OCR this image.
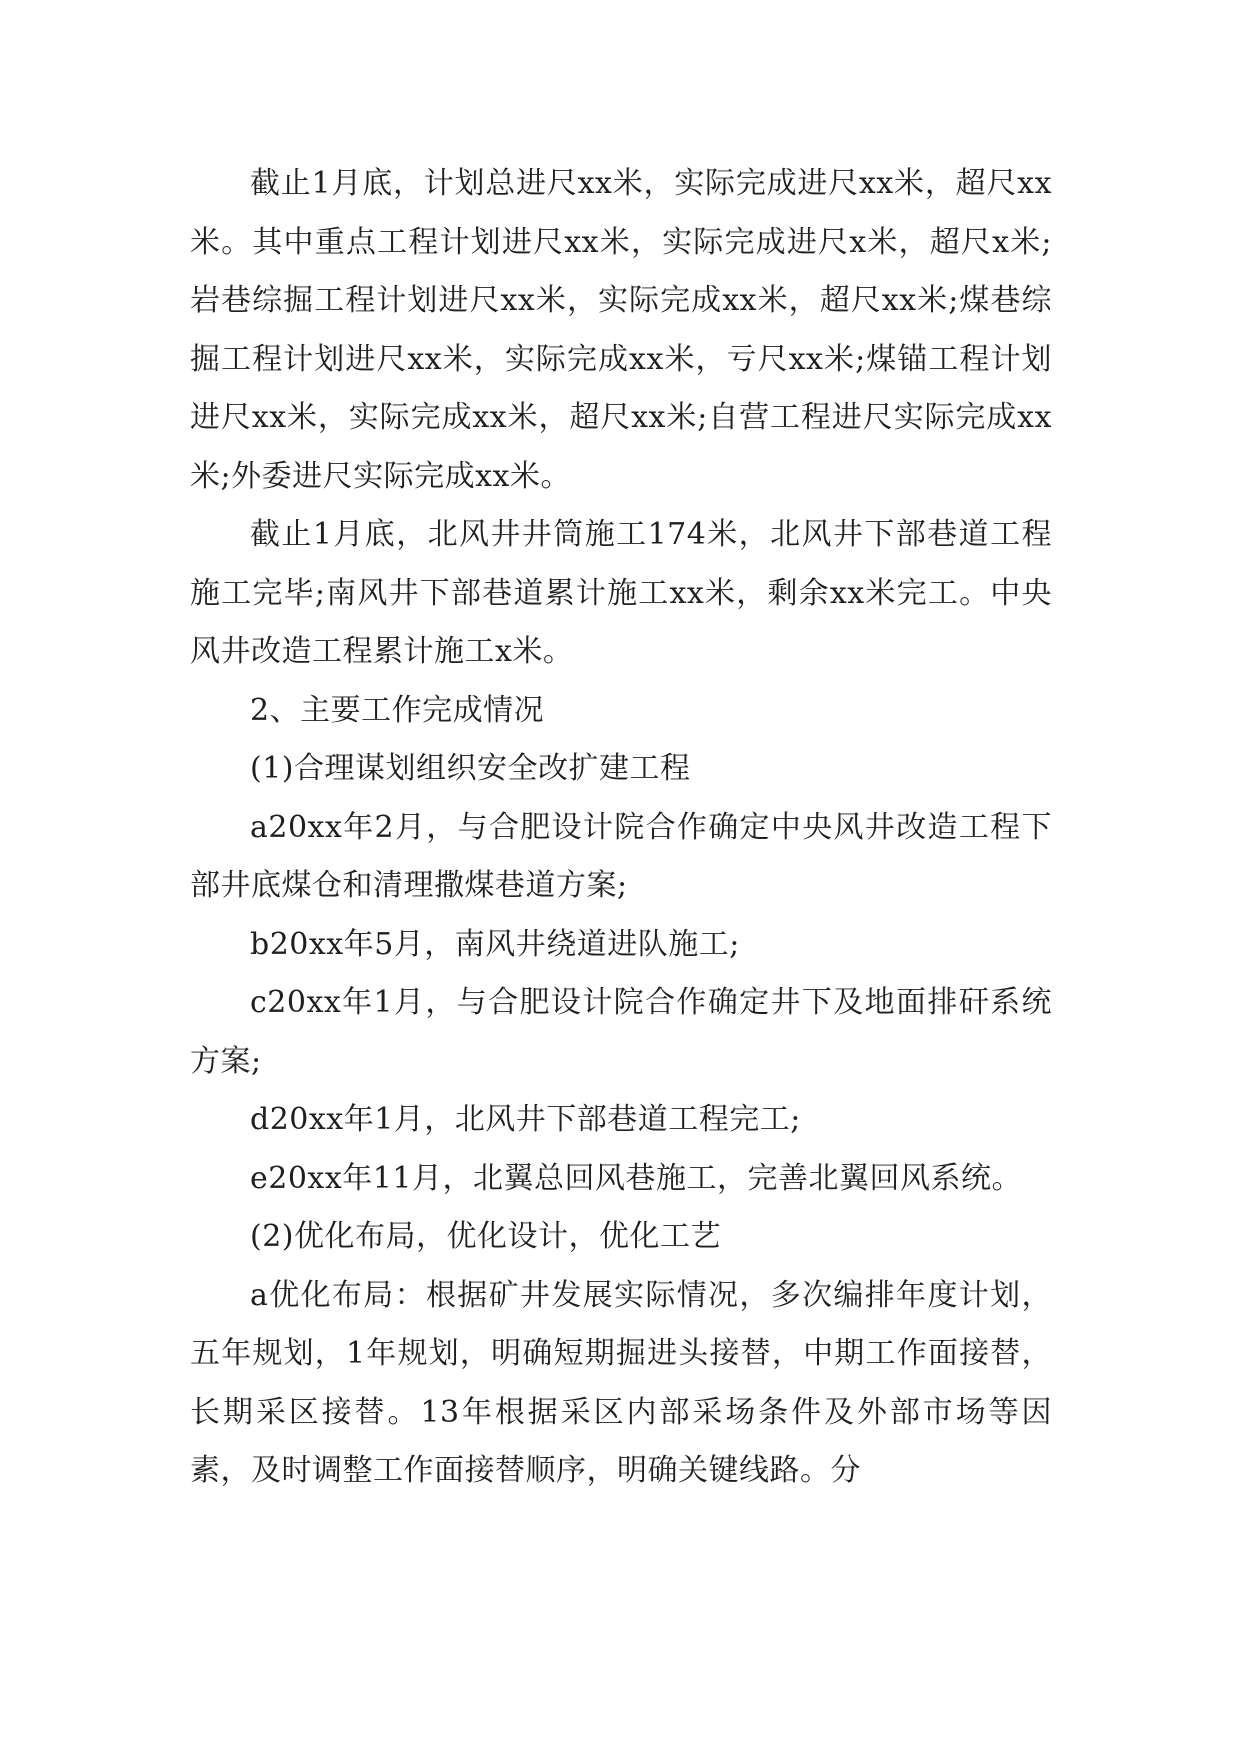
截止1月底，计划总进尺xx米，实际完成进尺xx米，超尺xx米。其中重点工程计划进尺xx米，实际完成进尺x米，超尺x米;岩巷综掘工程计划进尺xx米，实际完成xx米，超尺xx米;煤巷综掘工程计划进尺xx米，实际完成xx米，亏尺xx米;煤锚工程计划进尺xx米，实际完成xx米，超尺xx米;自营工程进尺实际完成xx米;外委进尺实际完成xx米。

截止1月底，北风井井筒施工174米，北风井下部巷道工程施工完毕;南风井下部巷道累计施工xx米，剩余xx米完工。中央风井改造工程累计施工x米。

2、主要工作完成情况

(1)合理谋划组织安全改扩建工程

a20xx年2月，与合肥设计院合作确定中央风井改造工程下部井底煤仓和清理撒煤巷道方案;

b20xx年5月，南风井绕道进队施工;

c20xx年1月，与合肥设计院合作确定井下及地面排矸系统方案;

d20xx年1月，北风井下部巷道工程完工;

e20xx年11月，北翼总回风巷施工，完善北翼回风系统。

(2)优化布局，优化设计，优化工艺

a优化布局：根据矿井发展实际情况，多次编排年度计划，五年规划，1年规划，明确短期掘进头接替，中期工作面接替，长期采区接替。13年根据采区内部采场条件及外部市场等因素，及时调整工作面接替顺序，明确关键线路。分
